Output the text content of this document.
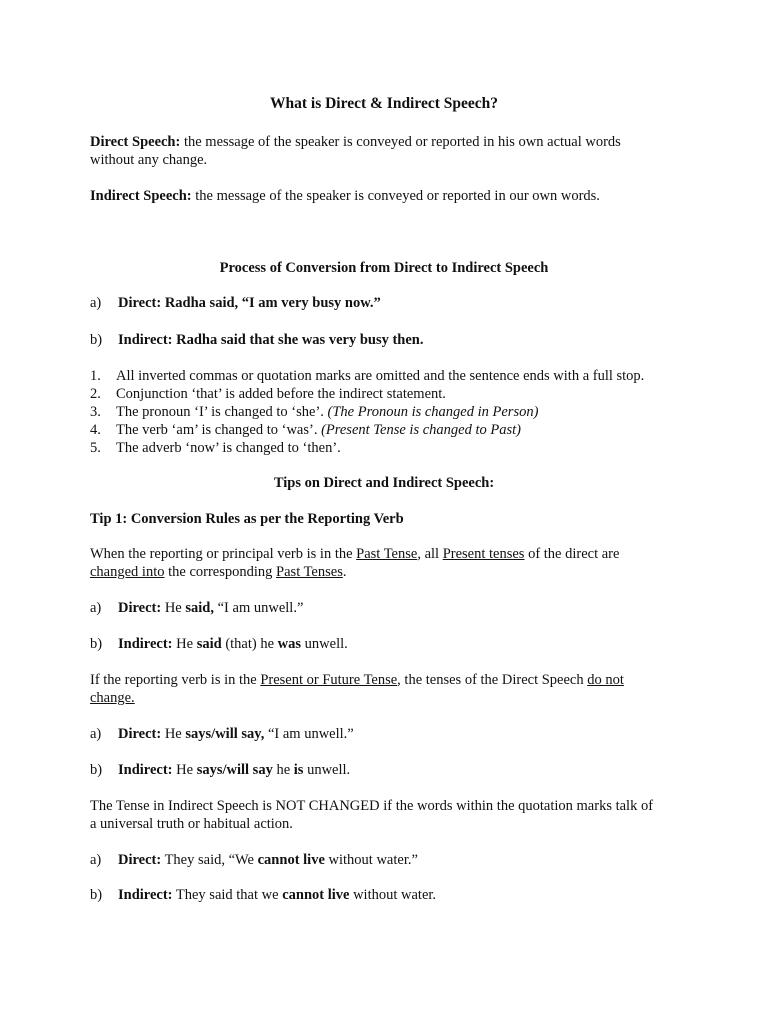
What is Direct & Indirect Speech?

Direct Speech: the message of the speaker is conveyed or reported in his own actual words without any change.

Indirect Speech: the message of the speaker is conveyed or reported in our own words.

Process of Conversion from Direct to Indirect Speech
a)	Direct: Radha said, “I am very busy now.”
b)	Indirect: Radha said that she was very busy then.
1.	All inverted commas or quotation marks are omitted and the sentence ends with a full stop.
2.	Conjunction ‘that’ is added before the indirect statement.
3.	The pronoun ‘I’ is changed to ‘she’. (The Pronoun is changed in Person)
4.	The verb ‘am’ is changed to ‘was’. (Present Tense is changed to Past)
5.	The adverb ‘now’ is changed to ‘then’.
Tips on Direct and Indirect Speech:
Tip 1: Conversion Rules as per the Reporting Verb

When the reporting or principal verb is in the Past Tense, all Present tenses of the direct are changed into the corresponding Past Tenses.

a)	Direct: He said, “I am unwell.”
b)	Indirect: He said (that) he was unwell.

If the reporting verb is in the Present or Future Tense, the tenses of the Direct Speech do not change.

a)	Direct: He says/will say, “I am unwell.”
b)	Indirect: He says/will say he is unwell.

The Tense in Indirect Speech is NOT CHANGED if the words within the quotation marks talk of a universal truth or habitual action.

a)	Direct: They said, “We cannot live without water.”
b)	Indirect: They said that we cannot live without water.
